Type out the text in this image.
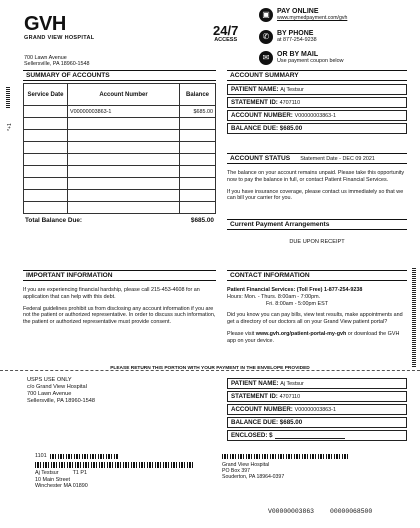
GVH
GRAND VIEW HOSPITAL
700 Lawn Avenue
Sellersville, PA 18960-1548
24/7
ACCESS
▣	PAY ONLINE
www.mymedpayment.com/gvh
✆	BY PHONE
at 877-254-9238
✉	OR BY MAIL
Use payment coupon below
*+1
SUMMARY OF ACCOUNTS
Service Date	Account Number	Balance
	V00000003863-1	$685.00

Total Balance Due:	$685.00
ACCOUNT SUMMARY
PATIENT NAME: Aj Testsur
STATEMENT ID: 4707110
ACCOUNT NUMBER: V00000003863-1
BALANCE DUE: $685.00
ACCOUNT STATUS Statement Date - DEC 09 2021

The balance on your account remains unpaid. Please take this opportunity now to pay the balance in full, or contact Patient Financial Services.

If you have insurance coverage, please contact us immediately so that we can bill your carrier for you.

Current Payment Arrangements
DUE UPON RECEIPT
IMPORTANT INFORMATION

If you are experiencing financial hardship, please call 215-453-4608 for an application that can help with this debt.

Federal guidelines prohibit us from disclosing any account information if you are not the patient or authorized representative. In order to discuss such information, the patient or authorized representative must provide consent.

CONTACT INFORMATION

Patient Financial Services: (Toll Free) 1-877-254-9238

Hours: Mon. - Thurs. 8:00am - 7:00pm.

Fri. 8:00am - 5:00pm EST

Did you know you can pay bills, view test results, make appointments and get a directory of our doctors all on your Grand View patient portal?

Please visit www.gvh.org/patient-portal-my-gvh or download the GVH app on your device.

PLEASE RETURN THIS PORTION WITH YOUR PAYMENT IN THE ENVELOPE PROVIDED
USPS USE ONLY
c/o Grand View Hospital
700 Lawn Avenue
Sellersville, PA 18960-1548
PATIENT NAME: Aj Testsur
STATEMENT ID: 4707110
ACCOUNT NUMBER: V00000003863-1
BALANCE DUE: $685.00
ENCLOSED: $
1101
Aj Testsur	T1 P1
10 Main Street
Winchester MA 01890
Grand View Hospital
PO Box 397
Souderton, PA 18964-0397
V00000003863	00000068500
